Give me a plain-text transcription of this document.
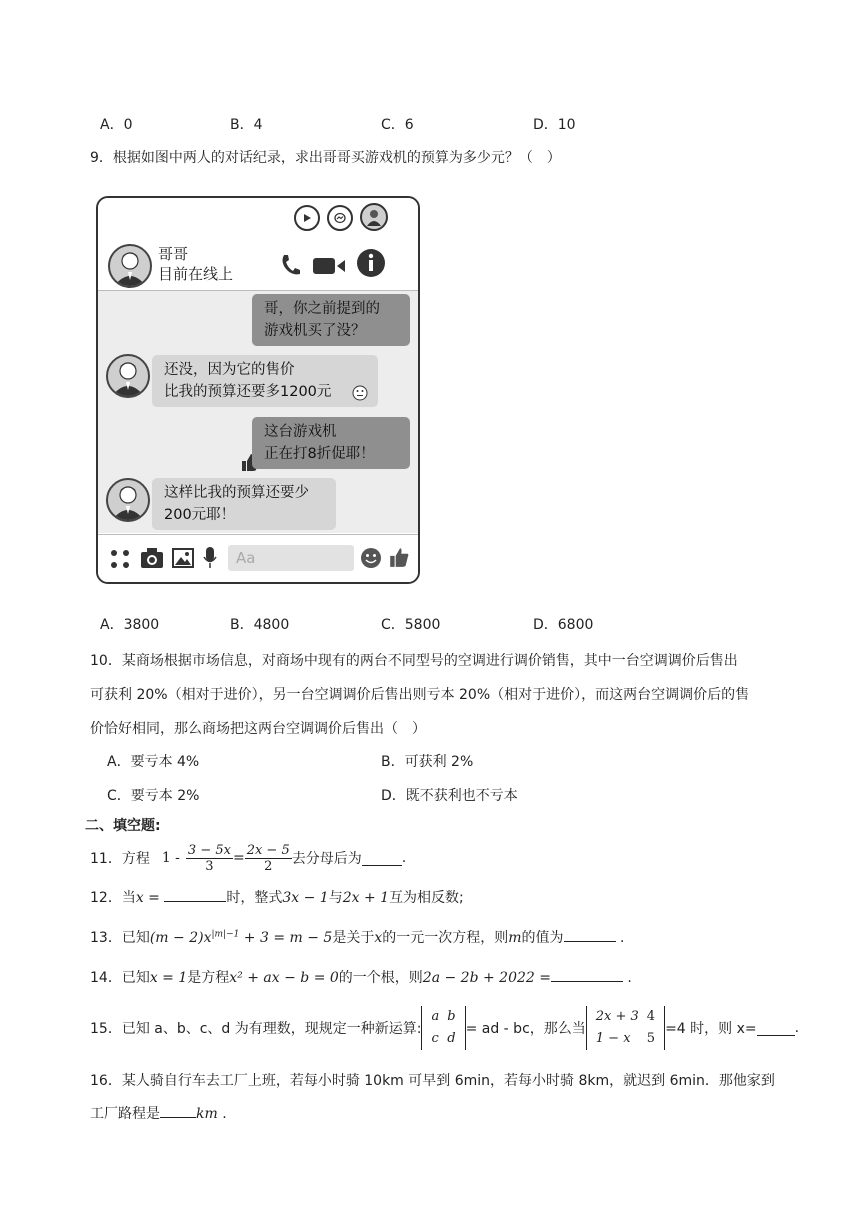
A．0	B．4	C．6	D．10
9．根据如图中两人的对话纪录，求出哥哥买游戏机的预算为多少元？（　）
哥哥
目前在线上
哥，你之前提到的
游戏机买了没？
还没，因为它的售价
比我的预算还要多1200元
这台游戏机
正在打8折促耶！
这样比我的预算还要少
200元耶！
Aa
A．3800	B．4800	C．5800	D．6800
10．某商场根据市场信息，对商场中现有的两台不同型号的空调进行调价销售，其中一台空调调价后售出
可获利 20%（相对于进价），另一台空调调价后售出则亏本 20%（相对于进价），而这两台空调调价后的售
价恰好相同，那么商场把这两台空调调价后售出（　）
A．要亏本 4%	B．可获利 2%
C．要亏本 2%	D．既不获利也不亏本
二、填空题:
11．方程 $1 - \frac{3 - 5x}{3} = \frac{2x - 5}{2}$ 去分母后为	.
12．当x =	时，整式3x − 1与2x + 1互为相反数;
13．已知$(m - 2)x^{|m|-1} + 3 = m - 5$是关于x的一元一次方程，则m的值为	.
14．已知x = 1是方程x² + ax − b = 0的一个根，则2a − 2b + 2022 =	.
15．已知 a、b、c、d 为有理数，现规定一种新运算:
a	b
c	d
= ad - bc，那么当
2x + 3	4
1 − x	5
=4 时，则 x=	.
16．某人骑自行车去工厂上班，若每小时骑 10km 可早到 6min，若每小时骑 8km，就迟到 6min．那他家到
工厂路程是	km .
